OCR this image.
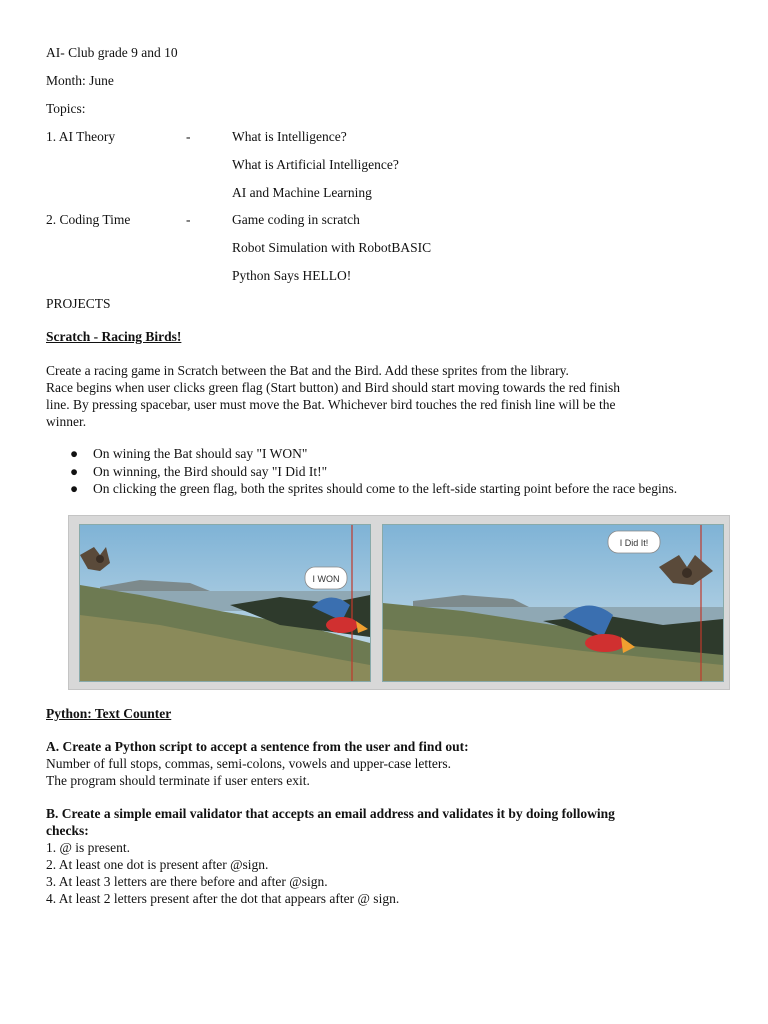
AI- Club grade 9 and 10
Month: June
Topics:
1. AI Theory	-	What is Intelligence?
What is Artificial Intelligence?
AI and Machine Learning
2. Coding Time	-	Game coding in scratch
Robot Simulation with RobotBASIC
Python Says HELLO!
PROJECTS
Scratch - Racing Birds!
Create a racing game in Scratch between the Bat and the Bird. Add these sprites from the library.
Race begins when user clicks green flag (Start button) and Bird should start moving towards the red finish
line. By pressing spacebar, user must move the Bat. Whichever bird touches the red finish line will be the
winner.
● On wining the Bat should say "I WON"
● On winning, the Bird should say "I Did It!"
● On clicking the green flag, both the sprites should come to the left-side starting point before the race begins.
I WON
I Did It!
Python: Text Counter
A. Create a Python script to accept a sentence from the user and find out:
Number of full stops, commas, semi-colons, vowels and upper-case letters.
The program should terminate if user enters exit.
B. Create a simple email validator that accepts an email address and validates it by doing following
checks:
1. @ is present.
2. At least one dot is present after @sign.
3. At least 3 letters are there before and after @sign.
4. At least 2 letters present after the dot that appears after @ sign.
